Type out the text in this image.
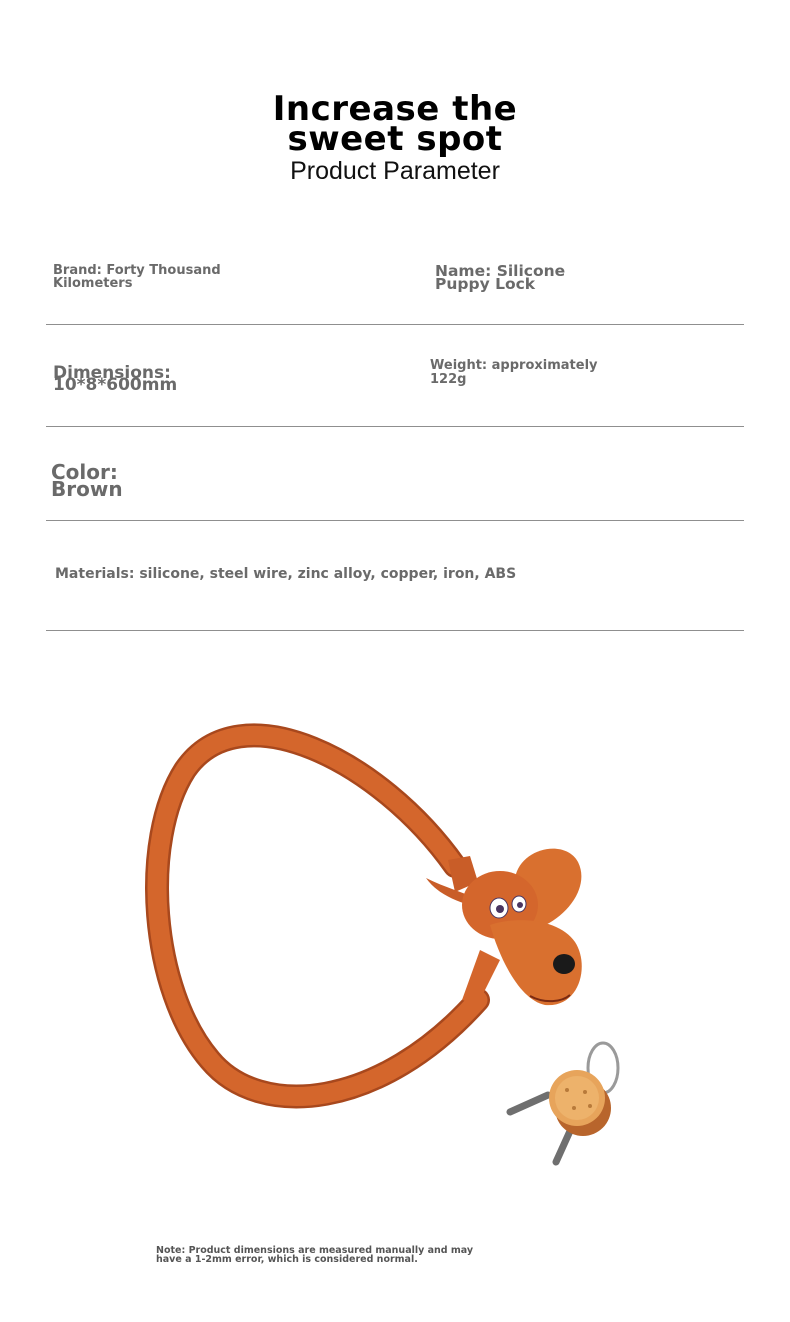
Increase the
sweet spot
Product Parameter
Brand: Forty Thousand
Kilometers
Name: Silicone
Puppy Lock
Dimensions:
10*8*600mm
Weight: approximately
122g
Color:
Brown
Materials: silicone, steel wire, zinc alloy, copper, iron, ABS
Note: Product dimensions are measured manually and may
have a 1-2mm error, which is considered normal.
